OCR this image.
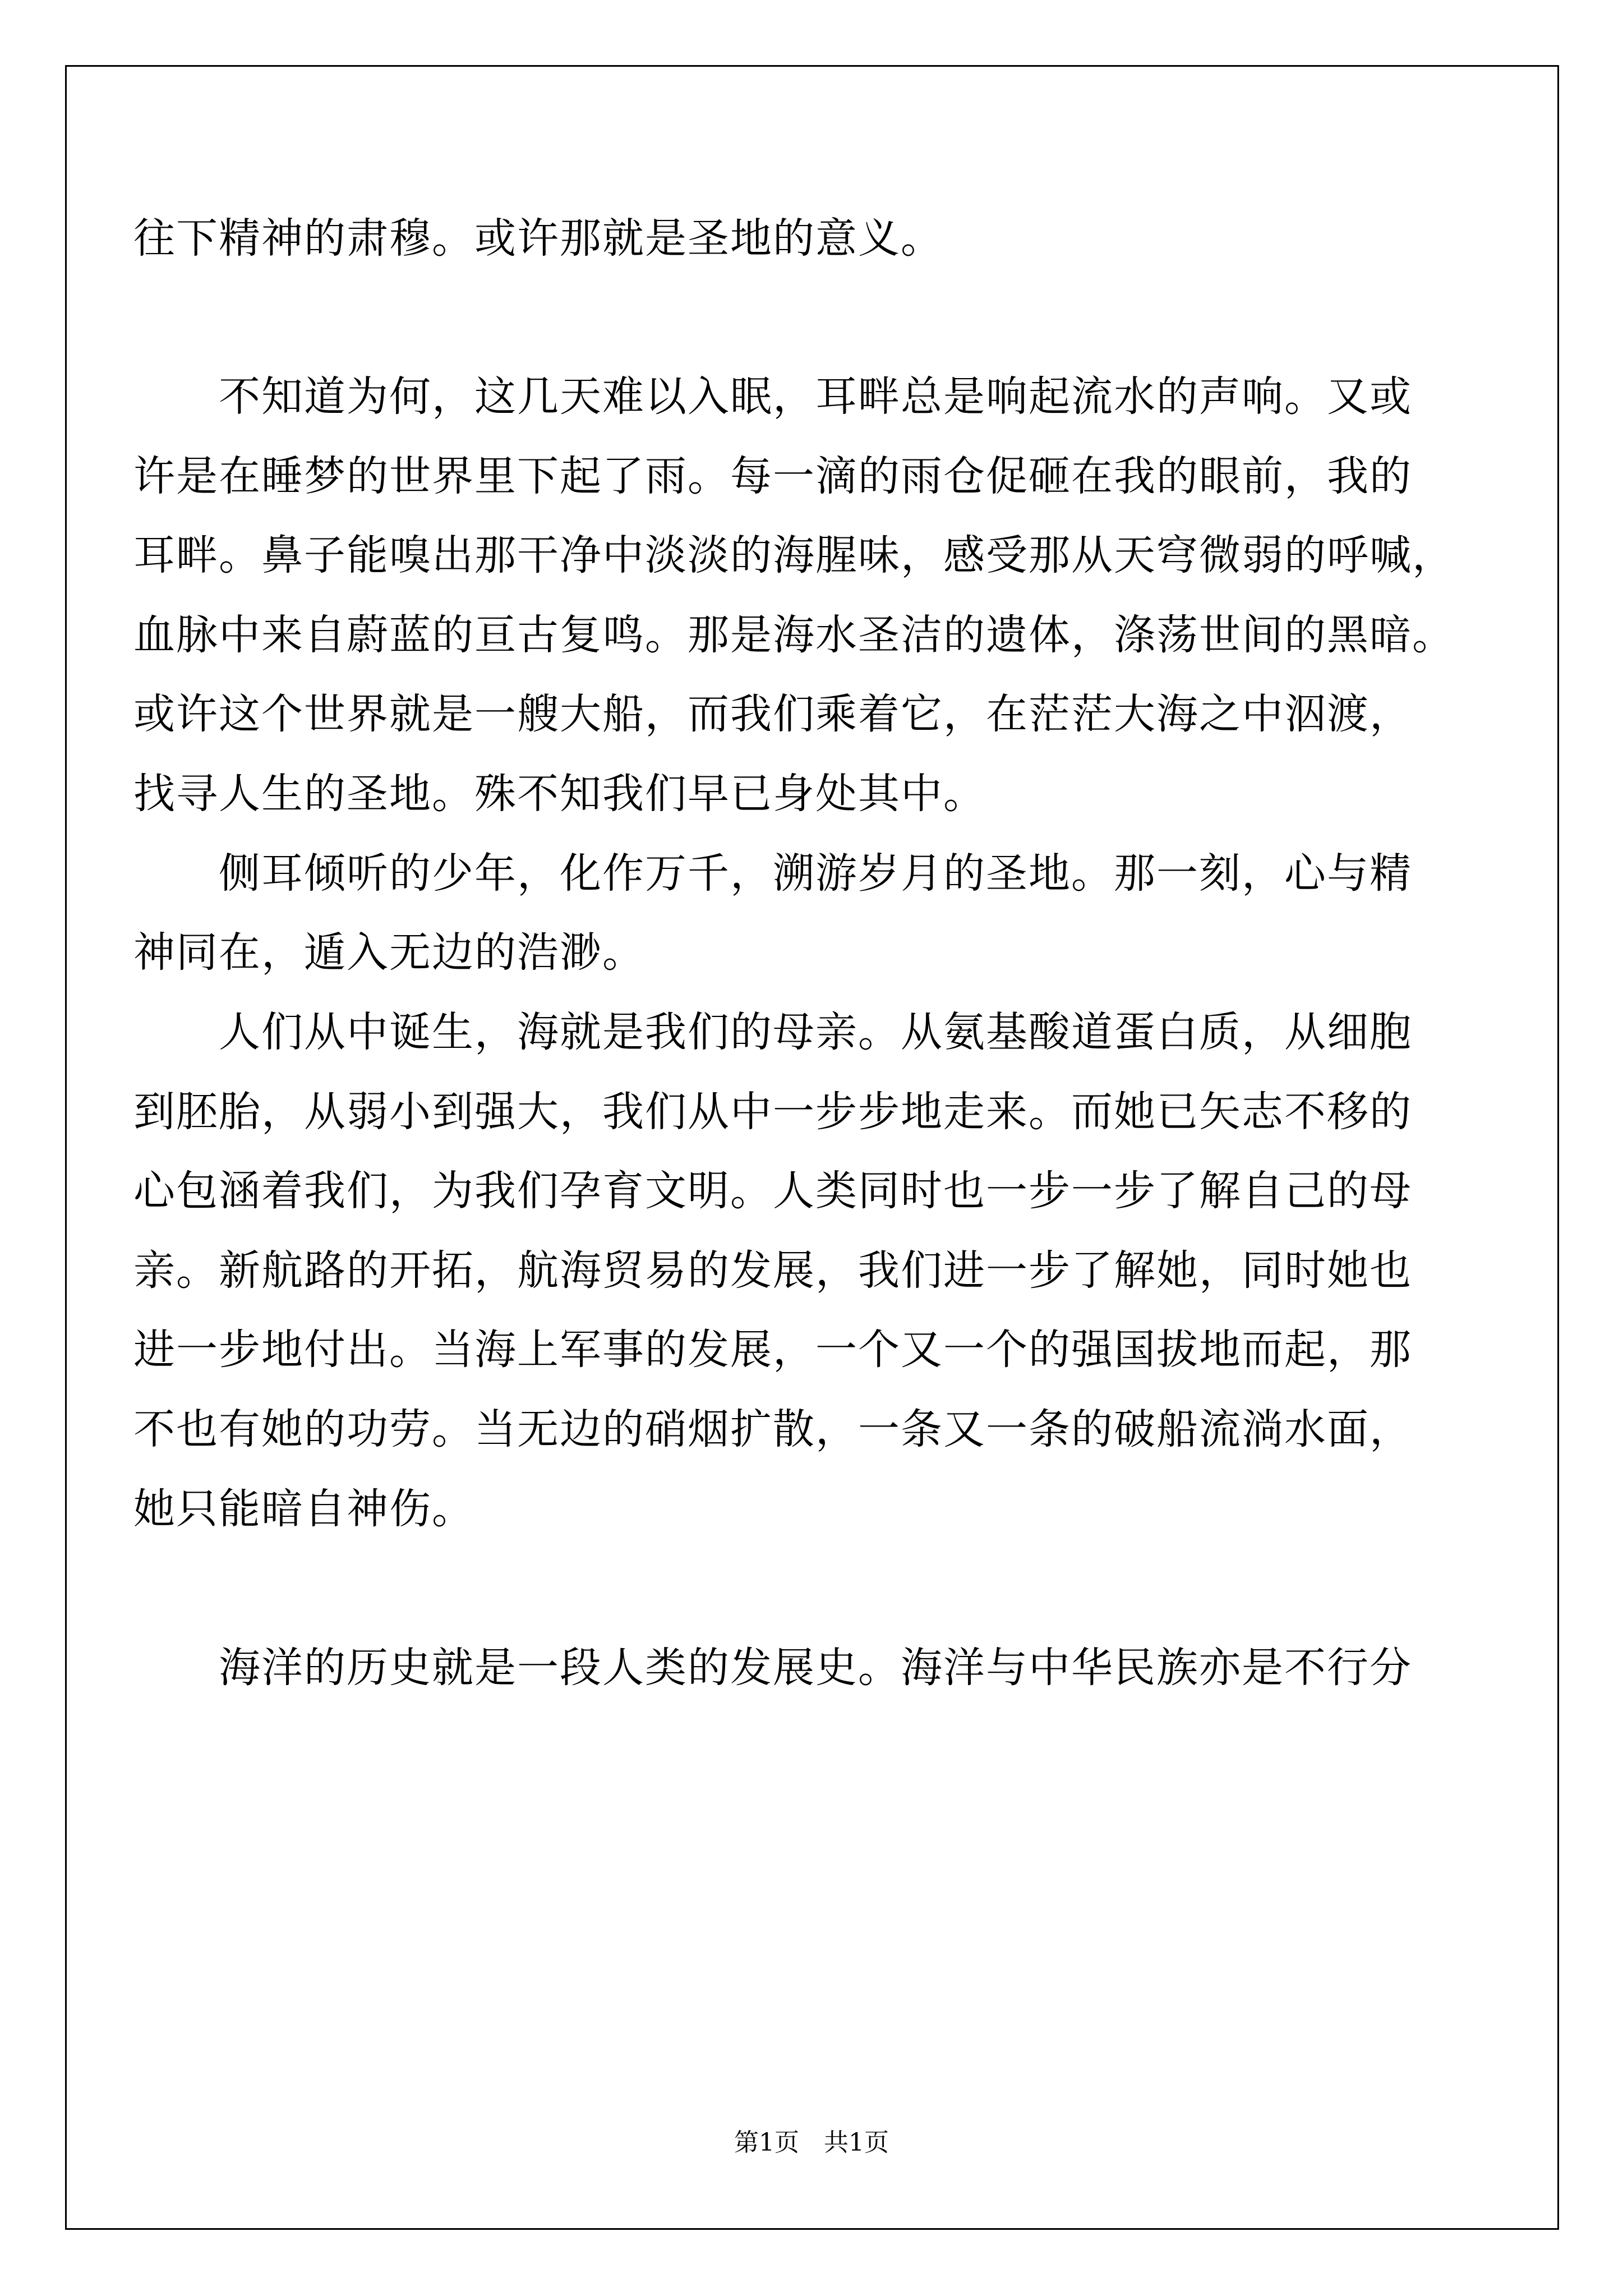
往下精神的肃穆。或许那就是圣地的意义。
　　不知道为何，这几天难以入眠，耳畔总是响起流水的声响。又或
许是在睡梦的世界里下起了雨。每一滴的雨仓促砸在我的眼前，我的
耳畔。鼻子能嗅出那干净中淡淡的海腥味，感受那从天穹微弱的呼喊，
血脉中来自蔚蓝的亘古复鸣。那是海水圣洁的遗体，涤荡世间的黑暗。
或许这个世界就是一艘大船，而我们乘着它，在茫茫大海之中泅渡，
找寻人生的圣地。殊不知我们早已身处其中。
　　侧耳倾听的少年，化作万千，溯游岁月的圣地。那一刻，心与精
神同在，遁入无边的浩渺。
　　人们从中诞生，海就是我们的母亲。从氨基酸道蛋白质，从细胞
到胚胎，从弱小到强大，我们从中一步步地走来。而她已矢志不移的
心包涵着我们，为我们孕育文明。人类同时也一步一步了解自己的母
亲。新航路的开拓，航海贸易的发展，我们进一步了解她，同时她也
进一步地付出。当海上军事的发展，一个又一个的强国拔地而起，那
不也有她的功劳。当无边的硝烟扩散，一条又一条的破船流淌水面，
她只能暗自神伤。
　　海洋的历史就是一段人类的发展史。海洋与中华民族亦是不行分
第1页　共1页
